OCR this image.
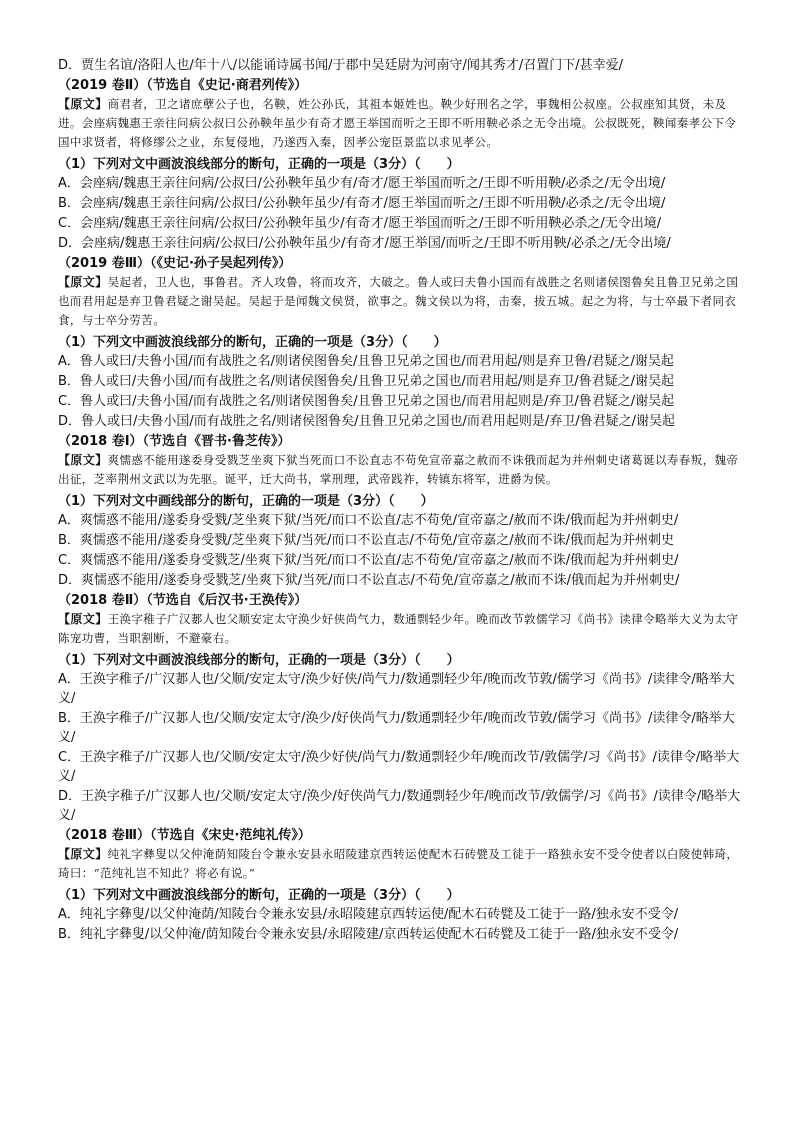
D．贾生名谊/洛阳人也/年十八/以能诵诗属书闻/于郡中吴廷尉为河南守/闻其秀才/召置门下/甚幸爱/
（2019 卷Ⅱ）（节选自《史记·商君列传》）
【原文】商君者，卫之诸庶孽公子也，名鞅，姓公孙氏，其祖本姬姓也。鞅少好刑名之学，事魏相公叔座。公叔座知其贤，未及进。会座病魏惠王亲往问病公叔曰公孙鞅年虽少有奇才愿王举国而听之王即不听用鞅必杀之无令出境。公叔既死，鞅闻秦孝公下令国中求贤者，将修缪公之业，东复侵地，乃遂西入秦，因孝公宠臣景监以求见孝公。
（1）下列对文中画波浪线部分的断句，正确的一项是（3分）（　　）
A．会座病/魏惠王亲往问病/公叔曰/公孙鞅年虽少有/奇才/愿王举国而听之/王即不听用鞅/必杀之/无令出境/
B．会座病/魏惠王亲往问病/公叔曰/公孙鞅年虽少/有奇才/愿王举国而听之/王即不听用鞅/必杀之/无令出境/
C．会座病/魏惠王亲往问病/公叔曰/公孙鞅年虽少/有奇才/愿王举国而听之/王即不听用鞅必杀之/无令出境/
D．会座病/魏惠王亲往问病/公叔曰/公孙鞅年虽少/有奇才/愿王举国/而听之/王即不听用鞅/必杀之/无令出境/
（2019 卷Ⅲ）（《史记·孙子吴起列传》）
【原文】吴起者，卫人也，事鲁君。齐人攻鲁，将而攻齐，大破之。鲁人或曰夫鲁小国而有战胜之名则诸侯图鲁矣且鲁卫兄弟之国也而君用起是弃卫鲁君疑之谢吴起。吴起于是闻魏文侯贤，欲事之。魏文侯以为将，击秦，拔五城。起之为将，与士卒最下者同衣食，与士卒分劳苦。
（1）下列文中画波浪线部分的断句，正确的一项是（3分）（　　）
A．鲁人或曰/夫鲁小国/而有战胜之名/则诸侯图鲁矣/且鲁卫兄弟之国也/而君用起/则是弃卫鲁/君疑之/谢吴起
B．鲁人或曰/夫鲁小国/而有战胜之名/则诸侯图鲁矣/且鲁卫兄弟之国也/而君用起/则是弃卫/鲁君疑之/谢吴起
C．鲁人或曰/夫鲁小国/而有战胜之名/则诸侯图鲁矣/且鲁卫兄弟之国也/而君用起则是/弃卫/鲁君疑之/谢吴起
D．鲁人或曰/夫鲁小国/而有战胜之名/则诸侯图鲁矣/且鲁卫兄弟之国也/而君用起则是/弃卫/鲁君疑之/谢吴起
（2018 卷Ⅰ）（节选自《晋书·鲁芝传》）
【原文】爽懦惑不能用遂委身受戮芝坐爽下狱当死而口不讼直志不苟免宣帝嘉之赦而不诛俄而起为并州刺史诸葛诞以寿春叛，魏帝出征，芝率荆州文武以为先驱。诞平，迁大尚书，掌刑理，武帝践祚，转镇东将军，进爵为侯。
（1）下列对文中画线部分的断句，正确的一项是（3分）（　　）
A．爽懦惑不能用/遂委身受戮/芝坐爽下狱/当死/而口不讼直/志不苟免/宣帝嘉之/赦而不诛/俄而起为并州刺史/
B．爽懦惑不能用/遂委身受戮/芝坐爽下狱/当死/而口不讼直志/不苟免/宣帝嘉之/赦而不诛/俄而起为并州刺史
C．爽懦惑不能用/遂委身受戮芝/坐爽下狱/当死/而口不讼直/志不苟免/宣帝嘉之/赦而不诛/俄而起为并州刺史/
D．爽懦惑不能用/遂委身受戮芝/坐爽下狱/当死/而口不讼直志/不苟免/宣帝嘉之/赦而不诛/俄而起为并州刺史/
（2018 卷Ⅱ）（节选自《后汉书·王涣传》）
【原文】王涣字稚子广汉郪人也父顺安定太守涣少好侠尚气力，数通剽轻少年。晚而改节敦儒学习《尚书》读律令略举大义为太守陈宠功曹，当职割断，不避豪右。
（1）下列对文中画波浪线部分的断句，正确的一项是（3分）（　　）
A．王涣字稚子/广汉郪人也/父顺/安定太守/涣少好侠/尚气力/数通剽轻少年/晚而改节敦/儒学习《尚书》/读律令/略举大义/
B．王涣字稚子/广汉郪人也/父顺/安定太守/涣少/好侠尚气力/数通剽轻少年/晚而改节敦/儒学习《尚书》/读律令/略举大义/
C．王涣字稚子/广汉郪人也/父顺/安定太守/涣少好侠/尚气力/数通剽轻少年/晚而改节/敦儒学/习《尚书》/读律令/略举大义/
D．王涣字稚子/广汉郪人也/父顺/安定太守/涣少/好侠尚气力/数通剽轻少年/晚而改节/敦儒学/习《尚书》/读律令/略举大义/
（2018 卷Ⅲ）（节选自《宋史·范纯礼传》）
【原文】纯礼字彝叟以父仲淹荫知陵台令兼永安县永昭陵建京西转运使配木石砖甓及工徒于一路独永安不受令使者以白陵使韩琦，琦曰：“范纯礼岂不知此？将必有说。”
（1）下列对文中画波浪线部分的断句，正确的一项是（3分）（　　）
A．纯礼字彝叟/以父仲淹荫/知陵台令兼永安县/永昭陵建京西转运使/配木石砖甓及工徒于一路/独永安不受令/
B．纯礼字彝叟/以父仲淹/荫知陵台令兼永安县/永昭陵建/京西转运使配木石砖甓及工徒于一路/独永安不受令/
